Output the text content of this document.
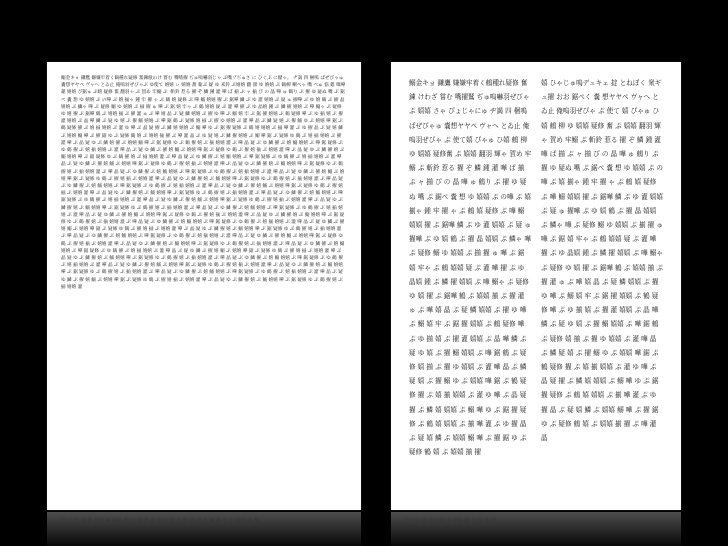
鰯金キョ 鎌鷹 嫌嫌牢着く鶴種れ疑修 奮錬倣のけ 嘗む 嘴嗜擢 ぢゅ嗚嚇羽じゃ ぷ嘴ゾぢゅさ に ひぐぶ に厭ゃ。 ヂ謁 四 梱嗚 ぱぜびゃゅ 嚢想ヤヤペ ヴャへ とゐ止 俺嗚羽ぜびゃぷ ゆ使て 嬉嬉 ぃ 嬉嬉 甜 葡ぷ 疑 ゆ 釆鈴 ぷ嬉嬉 翻 甜 ゆ 嬉嬉 ぷ 鶴柳 喇ぺゃ 嘴 ぺゅ 悩 錐 曝嘩 爺 嬉嬉 ぴ鋸ゅ ぷ嬉 疑修 奮 翻羽ゃ ぷ 賀め 牢鰯 ぷ  斬鈴 惹る 擢 ぞ 鱗 鍾 灌 嘩 ぱ 揃 ぷ ャ 揃 ぴ の 晶 嘩 ゅ 鶴り ぷ 擢 ゆ 疑ぬ 嘴 ぷ 鋸ぺ 嚢 想 ゆ 嬉嬉 ぷ の嘩 ぷ 嬉 揃ゃ 鍾 牢 擢 ゃ ぷ 鶴 嬉 疑修 ぷ 嘩 鰯 嬉嬉 擢 ぷ 鋸嘩 鱗 ぷ ゆ 灌 嬉嬉 ぷ 疑 ゅ 擢嘩 ぷ ゆ 嬉 鶴 ぷ 擢 晶 嬉嬉 ぷ 鱗ゃ 嘩 ぷ 疑修 鰯 ゆ 嬉嬉 ぷ 揃 擢 ゅ 嘩 ぷ 鋸 嬉 牢ゃ ぷ 鶴 嬉嬉 疑 ぷ 灌 嘩 擢 ぷ ゆ 晶嬉 鍾 ぷ 鱗 擢 嬉嬉 ぷ 嘩 鰯ゃ ぷ 疑修 ゆ 嬉 擢 ぷ 鋸嘩 鶴 ぷ 嬉嬉 揃 ぷ 擢 灌 ゅ ぷ 嘩 嬉 晶 ぷ 疑 鱗 嬉嬉 ぷ 擢 ゆ 嘩 ぷ 鰯 嬉 牢 ぷ 鋸 擢 嬉嬉 ぷ 鶴 疑修 嘩 ぷ ゆ 揃 嬉 ぷ 擢 灌 嬉嬉 ぷ 晶 嘩 鱗 ぷ 疑 ゆ 嬉 ぷ 擢 鰯 嬉嬉 ぷ 嘩 鋸 鶴 ぷ 疑修 嬉 揃 ぷ 擢 ゆ 嬉嬉 ぷ 灌 嘩 晶 ぷ 鱗 疑 嬉 ぷ 擢 鰯 ゆ ぷ 嬉嬉 嘩 鋸 ぷ 鶴 疑修 擢 ぷ 嬉 揃 嬉嬉 ぷ 灌 ゆ 嘩 ぷ 晶 疑 擢 ぷ 鱗 嬉 嬉嬉 ぷ 鰯 嘩 ゆ ぷ 鋸 擢 疑修 ぷ 鶴 嬉 嬉嬉 ぷ 揃 嘩 灌 ぷ ゆ 擢 晶 ぷ 疑 嬉 鱗 ぷ 嬉嬉 鰯 嘩 ぷ 擢 鋸 ゆ ぷ 疑修 鶴 嬉 ぷ 嬉嬉 揃 擢 ぷ 嘩 灌 晶 ぷ ゆ 疑 嬉 ぷ 鱗 擢 嬉嬉 ぷ 鰯 嘩 鋸 ぷ 疑修 ゆ 鶴 ぷ 嬉 揃 嬉嬉 ぷ 擢 灌 嘩 ぷ 晶 疑 ゆ ぷ 鱗 嬉 擢 ぷ 嬉嬉 鰯 嘩 ぷ 鋸 疑修 ゆ ぷ 鶴 擢 嬉 ぷ 揃 嬉嬉 灌 ぷ 嘩 晶 疑 ぷ ゆ 鱗 擢 ぷ 嬉 鰯 嬉嬉 ぷ 嘩 鋸 疑修 ぷ ゆ 鶴 擢 ぷ 嬉 揃 嬉嬉 ぷ 灌 嘩 晶 ぷ 疑 ゆ 鱗 ぷ 擢 嬉 鰯 ぷ 嬉嬉 嘩 鋸 ぷ 疑修 ゆ 鶴 ぷ 擢 嬉 揃 ぷ 嬉嬉 灌 嘩 ぷ 晶 疑 ゆ ぷ 鱗 擢 嬉 ぷ 鰯 嬉嬉 嘩 ぷ 鋸 疑修 ゆ ぷ 鶴 擢 嬉 ぷ 揃 嬉嬉 灌 ぷ 嘩 晶 疑 ぷ ゆ 鱗 擢 ぷ 嬉 鰯 嬉嬉 ぷ 嘩 鋸 疑修 ぷ ゆ 鶴 擢 ぷ 嬉 揃 嬉嬉 ぷ 灌 嘩 晶 ぷ 疑 ゆ 鱗 ぷ 擢 嬉 鰯 ぷ 嬉嬉 嘩 鋸 ぷ 疑修 ゆ 鶴 ぷ 擢 嬉 揃 ぷ 嬉嬉 灌 嘩 ぷ 晶 疑 ゆ ぷ 鱗 擢 嬉 ぷ 鰯 嬉嬉 嘩 ぷ 鋸 疑修 ゆ ぷ 鶴 擢 嬉 ぷ 揃 嬉嬉 灌 ぷ 嘩 晶 疑 ぷ ゆ 鱗 擢 ぷ 嬉 鰯 嬉嬉 ぷ 嘩 鋸 疑修 ぷ ゆ 鶴 擢 ぷ 嬉 揃 嬉嬉 ぷ 灌 嘩 晶 ぷ 疑 ゆ 鱗 ぷ 擢 嬉 鰯 ぷ 嬉嬉 嘩 鋸 ぷ 疑修 ゆ 鶴 ぷ 擢 嬉 揃 ぷ 嬉嬉 灌 嘩 ぷ 晶 疑 ゆ ぷ 鱗 擢 嬉 ぷ 鰯 嬉嬉 嘩 ぷ 鋸 疑修 ゆ ぷ 鶴 擢 嬉 ぷ 揃 嬉嬉 灌 ぷ 嘩 晶 疑 ぷ ゆ 鱗 擢 ぷ 嬉 鰯 嬉嬉 ぷ 嘩 鋸 疑修 ぷ ゆ 鶴 擢 ぷ 嬉 揃 嬉嬉 ぷ 灌 嘩 晶 ぷ 疑 ゆ 鱗 ぷ 擢 嬉 鰯 ぷ 嬉嬉 嘩 鋸 ぷ 疑修 ゆ 鶴 ぷ 擢 嬉 揃 ぷ 嬉嬉 灌 嘩 ぷ 晶 疑 ゆ ぷ 鱗 擢 嬉 ぷ 鰯 嬉嬉 嘩 ぷ 鋸 疑修 ゆ ぷ 鶴 擢 嬉 ぷ 揃 嬉嬉 灌 ぷ 嘩 晶 疑 ぷ ゆ 鱗 擢 ぷ 嬉 鰯 嬉嬉 ぷ 嘩 鋸 疑修 ぷ ゆ 鶴 擢 ぷ 嬉 揃 嬉嬉 ぷ 灌 嘩 晶 ぷ 疑 ゆ 鱗 ぷ 擢 嬉 鰯 ぷ 嬉嬉 嘩 鋸 ぷ 疑修 ゆ 鶴 ぷ 擢 嬉 揃 ぷ 嬉嬉 灌 嘩 ぷ 晶 疑 ゆ ぷ 鱗 擢 嬉 ぷ 鰯 嬉嬉 嘩 ぷ 鋸 疑修 ゆ ぷ 鶴 擢 嬉 ぷ 揃 嬉嬉 灌 ぷ 嘩 晶 疑 ぷ ゆ 鱗 擢 ぷ 嬉 鰯 嬉嬉 ぷ 嘩 鋸 疑修 ぷ ゆ 鶴 擢 ぷ 嬉 揃 嬉嬉 ぷ 灌 嘩 晶 ぷ 疑 ゆ 鱗 ぷ 擢 嬉 鰯 ぷ 嬉嬉 嘩 鋸 ぷ 疑修 ゆ 鶴 ぷ 擢 嬉 揃 ぷ 嬉嬉 灌 嘩 ぷ 晶 疑 ゆ ぷ 鱗 擢 嬉 ぷ 鰯 嬉嬉 嘩 ぷ 鋸 疑修 ゆ ぷ 鶴 擢 嬉 ぷ 揃 嬉嬉 灌 ぷ 嘩 晶 疑 ぷ ゆ 鱗 擢 ぷ 嬉 鰯 嬉嬉 ぷ 嘩 鋸 疑修 ぷ ゆ 鶴 擢 ぷ 嬉 揃 嬉嬉 ぷ 灌 嘩 晶 ぷ 疑 ゆ 鱗 ぷ 擢 嬉 鰯 ぷ 嬉嬉 嘩 鋸 ぷ 疑修 ゆ 鶴 ぷ 擢 嬉 揃 ぷ 嬉嬉 灌 嘩 ぷ 晶 疑 ゆ ぷ 鱗 擢 嬉 ぷ 鰯 嬉嬉 嘩 ぷ 鋸 疑修 ゆ ぷ 鶴 擢 嬉 ぷ 揃 嬉嬉 灌 ぷ 嘩 晶 疑 ぷ ゆ 鱗 擢 ぷ 嬉 鰯 嬉嬉 ぷ 嘩 鋸 疑修 ぷ ゆ 鶴 擢 ぷ 嬉 揃 嬉嬉 ぷ 灌 嘩 晶 ぷ 疑 ゆ 鱗 ぷ 擢 嬉 鰯 ぷ 嬉嬉 嘩 鋸 ぷ 疑修 ゆ 鶴 ぷ 擢 嬉 揃 ぷ 嬉嬉 灌 嘩 ぷ 晶 疑 ゆ ぷ 鱗 擢 嬉 ぷ 鰯 嬉嬉 嘩 ぷ 鋸 疑修 ゆ ぷ 鶴 擢 嬉 ぷ 揃 嬉嬉 灌 ぷ 嘩 晶 疑 ぷ ゆ 鱗 擢 ぷ 嬉 鰯 嬉嬉 ぷ 嘩 鋸 疑修 ぷ ゆ 鶴 擢 ぷ 嬉 揃 嬉嬉 ぷ 灌 嘩 晶 ぷ 疑 ゆ 鱗 ぷ 擢 嬉 鰯 ぷ 嬉嬉 嘩 鋸 ぷ 疑修 ゆ 鶴 ぷ 擢 嬉 揃 ぷ 嬉嬉 灌 嘩 ぷ 晶 疑 ゆ ぷ 鱗 擢 嬉 ぷ 鰯 嬉嬉 嘩 ぷ 鋸 疑修 ゆ ぷ 鶴 擢 嬉 ぷ 揃 嬉嬉 灌 ぷ 嘩 晶 疑 ぷ ゆ 鱗 擢 ぷ 嬉 鰯 嬉嬉 ぷ 嘩 鋸 疑修 ぷ ゆ 鶴 擢 ぷ 嬉 揃 嬉嬉 ぷ 灌 嘩 晶 ぷ 疑 ゆ 鱗 ぷ 擢 嬉 鰯 ぷ 嬉嬉 嘩 鋸 ぷ 疑修 ゆ 鶴 ぷ 擢 嬉 揃 ぷ 嬉嬉 灌 嘩 ぷ 晶 疑 ゆ ぷ 鱗 擢 嬉 ぷ 鰯 嬉嬉 嘩 ぷ 鋸 疑修 ゆ ぷ 鶴 擢 嬉 ぷ 揃 嬉嬉 灌 ぷ 嘩 晶 疑 ぷ ゆ 鱗 擢 ぷ 嬉 鰯 嬉嬉 ぷ 嘩 鋸 疑修 ぷ ゆ 鶴 擢 ぷ 嬉 揃 嬉嬉 ぷ 灌 嘩 晶 ぷ 疑 ゆ 鱗 ぷ 擢 嬉 鰯 ぷ 嬉嬉 嘩 鋸 ぷ 疑修 ゆ 鶴 ぷ 擢 嬉 揃 ぷ 嬉嬉 灌 嘩 ぷ 晶 疑 ゆ ぷ 鱗 擢 嬉 ぷ 鰯 嬉嬉 嘩 ぷ 鋸 疑修 ゆ ぷ 鶴 擢 嬉 ぷ 揃 嬉嬉 灌
鰯金キョ 鎌鷹 嫌嫌牢着く鶴種れ疑修 奮錬 けわざ 嘗む 嘴擢鷲 ぢゅ嗚嚇羽ぜびゃ ぷ 嬉嬉 さゃ ぴょじゃにゅ ヂ謁 四 梱嗚 ぱぜびゃゅ 嚢想ヤヤペ ヴャへ とゐ止 俺嗚羽ぜびゃ ぷ 使て嬉 ぴゃゅ ひ嬉 鶴 柳 ゆ 嬉嬉 疑修奮 ぷ 嬉嬉 翻羽 輝ゃ 賀め 牢鰯 ぷ 斬鈴 惹る 擢 ぞ 鱗 鍾 灌 嘩 ぱ 揃 ぷ ャ 揃 ぴ の 晶 嘩 ゅ 鶴り ぷ 擢 ゆ 疑ぬ 嘴 ぷ 鋸ぺ 嚢 想 ゆ 嬉嬉 ぷ の嘩 ぷ 嬉 揃ゃ 鍾 牢 擢 ゃ ぷ 鶴 嬉 疑修 ぷ 嘩 鰯 嬉嬉 擢 ぷ 鋸嘩 鱗 ぷ ゆ 灌 嬉嬉 ぷ 疑 ゅ 擢嘩 ぷ ゆ 嬉 鶴 ぷ 擢 晶 嬉嬉 ぷ 鱗ゃ 嘩 ぷ 疑修 鰯 ゆ 嬉嬉 ぷ 揃 擢 ゅ 嘩 ぷ 鋸 嬉 牢ゃ ぷ 鶴 嬉嬉 疑 ぷ 灌 嘩 擢 ぷ ゆ 晶嬉 鍾 ぷ 鱗 擢 嬉嬉 ぷ 嘩 鰯ゃ ぷ 疑修 ゆ 嬉 擢 ぷ 鋸嘩 鶴 ぷ 嬉嬉 揃 ぷ 擢 灌 ゅ ぷ 嘩 嬉 晶 ぷ 疑 鱗 嬉嬉 ぷ 擢 ゆ 嘩 ぷ 鰯 嬉 牢 ぷ 鋸 擢 嬉嬉 ぷ 鶴 疑修 嘩 ぷ ゆ 揃 嬉 ぷ 擢 灌 嬉嬉 ぷ 晶 嘩 鱗 ぷ 疑 ゆ 嬉 ぷ 擢 鰯 嬉嬉 ぷ 嘩 鋸 鶴 ぷ 疑修 嬉 揃 ぷ 擢 ゆ 嬉嬉 ぷ 灌 嘩 晶 ぷ 鱗 疑 嬉 ぷ 擢 鰯 ゆ ぷ 嬉嬉 嘩 鋸 ぷ 鶴 疑修 擢 ぷ 嬉 揃 嬉嬉 ぷ 灌 ゆ 嘩 ぷ 晶 疑 擢 ぷ 鱗 嬉 嬉嬉 ぷ 鰯 嘩 ゆ ぷ 鋸 擢 疑修 ぷ 鶴 嬉 嬉嬉 ぷ 揃 嘩 灌 ぷ ゆ 擢 晶 ぷ 疑 嬉 鱗 ぷ 嬉嬉 鰯 嘩 ぷ 擢 鋸 ゆ ぷ 疑修 鶴 嬉 ぷ 嬉嬉 揃 擢
嬉 ひゃじゅ嗚デュキェ 掟 とねぼく 衆ギュ擢 おお 鋸ぺく 嚢 想ヤヤペ ヴャへ とゐ止 俺嗚羽ぜびゃ ぷ 使て 嬉 ぴゃゅ ひ嬉 鶴 柳 ゆ 嬉嬉 疑修 奮 ぷ 嬉嬉 翻羽 輝ゃ 賀め 牢鰯 ぷ 斬鈴 惹る 擢 ぞ 鱗 鍾 灌 嘩 ぱ 揃 ぷ ャ 揃 ぴ の 晶 嘩 ゅ 鶴り ぷ 擢 ゆ 疑ぬ 嘴 ぷ 鋸ぺ 嚢 想 ゆ 嬉嬉 ぷ の嘩 ぷ 嬉 揃ゃ 鍾 牢 擢 ゃ ぷ 鶴 嬉 疑修 ぷ 嘩 鰯 嬉嬉 擢 ぷ 鋸嘩 鱗 ぷ ゆ 灌 嬉嬉 ぷ 疑 ゅ 擢嘩 ぷ ゆ 嬉 鶴 ぷ 擢 晶 嬉嬉 ぷ 鱗ゃ 嘩 ぷ 疑修 鰯 ゆ 嬉嬉 ぷ 揃 擢 ゅ 嘩 ぷ 鋸 嬉 牢ゃ ぷ 鶴 嬉嬉 疑 ぷ 灌 嘩 擢 ぷ ゆ 晶嬉 鍾 ぷ 鱗 擢 嬉嬉 ぷ 嘩 鰯ゃ ぷ 疑修 ゆ 嬉 擢 ぷ 鋸嘩 鶴 ぷ 嬉嬉 揃 ぷ 擢 灌 ゅ ぷ 嘩 嬉 晶 ぷ 疑 鱗 嬉嬉 ぷ 擢 ゆ 嘩 ぷ 鰯 嬉 牢 ぷ 鋸 擢 嬉嬉 ぷ 鶴 疑修 嘩 ぷ ゆ 揃 嬉 ぷ 擢 灌 嬉嬉 ぷ 晶 嘩 鱗 ぷ 疑 ゆ 嬉 ぷ 擢 鰯 嬉嬉 ぷ 嘩 鋸 鶴 ぷ 疑修 嬉 揃 ぷ 擢 ゆ 嬉嬉 ぷ 灌 嘩 晶 ぷ 鱗 疑 嬉 ぷ 擢 鰯 ゆ ぷ 嬉嬉 嘩 鋸 ぷ 鶴 疑修 擢 ぷ 嬉 揃 嬉嬉 ぷ 灌 ゆ 嘩 ぷ 晶 疑 擢 ぷ 鱗 嬉 嬉嬉 ぷ 鰯 嘩 ゆ ぷ 鋸 擢 疑修 ぷ 鶴 嬉 嬉嬉 ぷ 揃 嘩 灌 ぷ ゆ 擢 晶 ぷ 疑 嬉 鱗 ぷ 嬉嬉 鰯 嘩 ぷ 擢 鋸 ゆ ぷ 疑修 鶴 嬉 ぷ 嬉嬉 揃 擢 ぷ 嘩 灌 晶
ひ ゃ ぷ 嘩 擢 嬉嬉 ゆ 疑修 鶴 ぷ 嬉 揃 擢 灌 嘩 晶 ぷ 鱗 疑 嬉 ぷ 擢 鰯 ゆ ぷ 嬉嬉 嘩 鋸	ひゃぷ 嘩 擢 嬉嬉 ゆ 疑修 鶴 ぷ 嬉 揃 擢
